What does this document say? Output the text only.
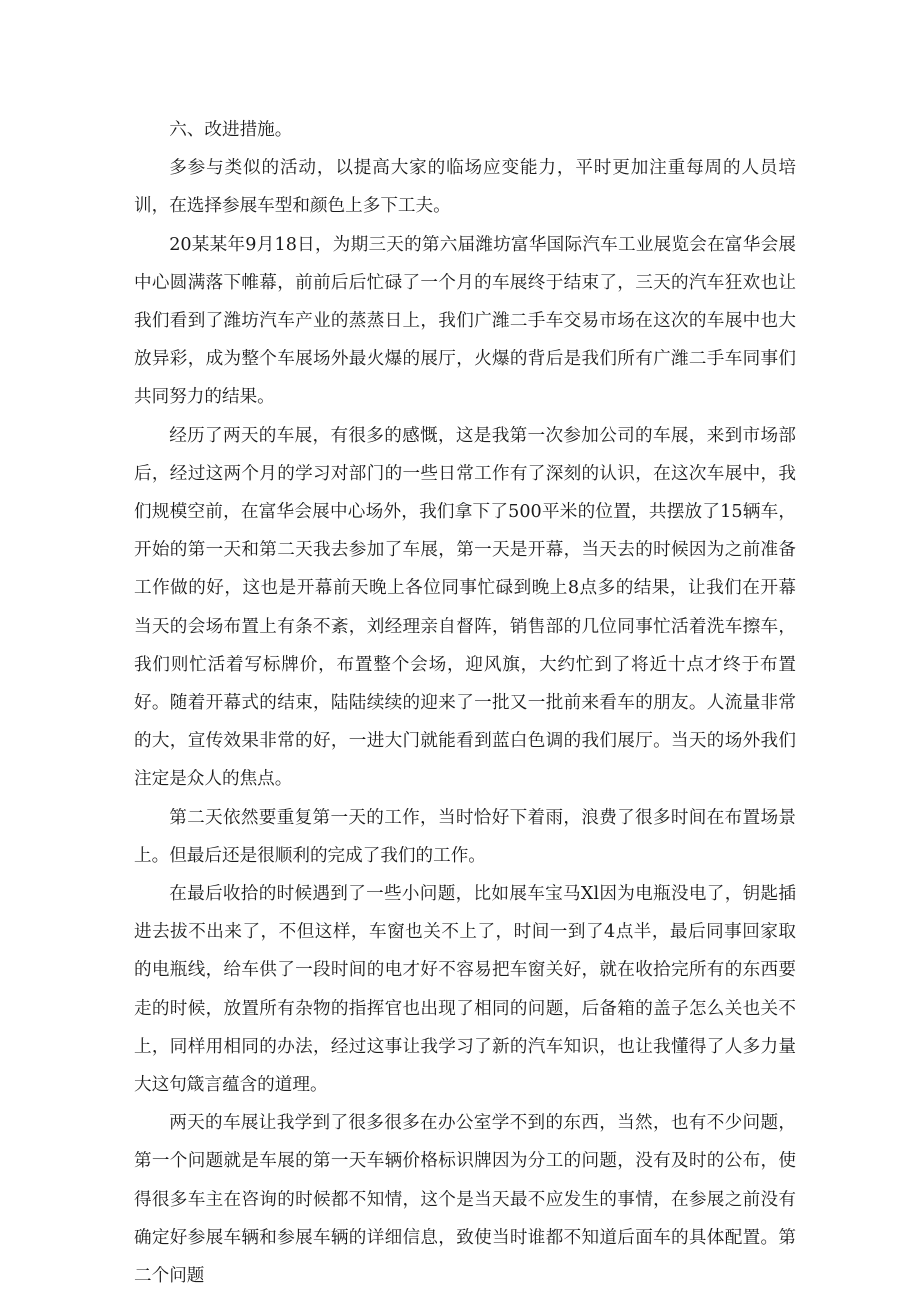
六、改进措施。

多参与类似的活动，以提高大家的临场应变能力，平时更加注重每周的人员培训，在选择参展车型和颜色上多下工夫。

20某某年9月18日，为期三天的第六届潍坊富华国际汽车工业展览会在富华会展中心圆满落下帷幕，前前后后忙碌了一个月的车展终于结束了，三天的汽车狂欢也让我们看到了潍坊汽车产业的蒸蒸日上，我们广潍二手车交易市场在这次的车展中也大放异彩，成为整个车展场外最火爆的展厅，火爆的背后是我们所有广潍二手车同事们共同努力的结果。

经历了两天的车展，有很多的感慨，这是我第一次参加公司的车展，来到市场部后，经过这两个月的学习对部门的一些日常工作有了深刻的认识，在这次车展中，我们规模空前，在富华会展中心场外，我们拿下了500平米的位置，共摆放了15辆车，开始的第一天和第二天我去参加了车展，第一天是开幕，当天去的时候因为之前准备工作做的好，这也是开幕前天晚上各位同事忙碌到晚上8点多的结果，让我们在开幕当天的会场布置上有条不紊，刘经理亲自督阵，销售部的几位同事忙活着洗车擦车，我们则忙活着写标牌价，布置整个会场，迎风旗，大约忙到了将近十点才终于布置好。随着开幕式的结束，陆陆续续的迎来了一批又一批前来看车的朋友。人流量非常的大，宣传效果非常的好，一进大门就能看到蓝白色调的我们展厅。当天的场外我们注定是众人的焦点。

第二天依然要重复第一天的工作，当时恰好下着雨，浪费了很多时间在布置场景上。但最后还是很顺利的完成了我们的工作。

在最后收拾的时候遇到了一些小问题，比如展车宝马Xl因为电瓶没电了，钥匙插进去拔不出来了，不但这样，车窗也关不上了，时间一到了4点半，最后同事回家取的电瓶线，给车供了一段时间的电才好不容易把车窗关好，就在收拾完所有的东西要走的时候，放置所有杂物的指挥官也出现了相同的问题，后备箱的盖子怎么关也关不上，同样用相同的办法，经过这事让我学习了新的汽车知识，也让我懂得了人多力量大这句箴言蕴含的道理。

两天的车展让我学到了很多很多在办公室学不到的东西，当然，也有不少问题，第一个问题就是车展的第一天车辆价格标识牌因为分工的问题，没有及时的公布，使得很多车主在咨询的时候都不知情，这个是当天最不应发生的事情，在参展之前没有确定好参展车辆和参展车辆的详细信息，致使当时谁都不知道后面车的具体配置。第二个问题
